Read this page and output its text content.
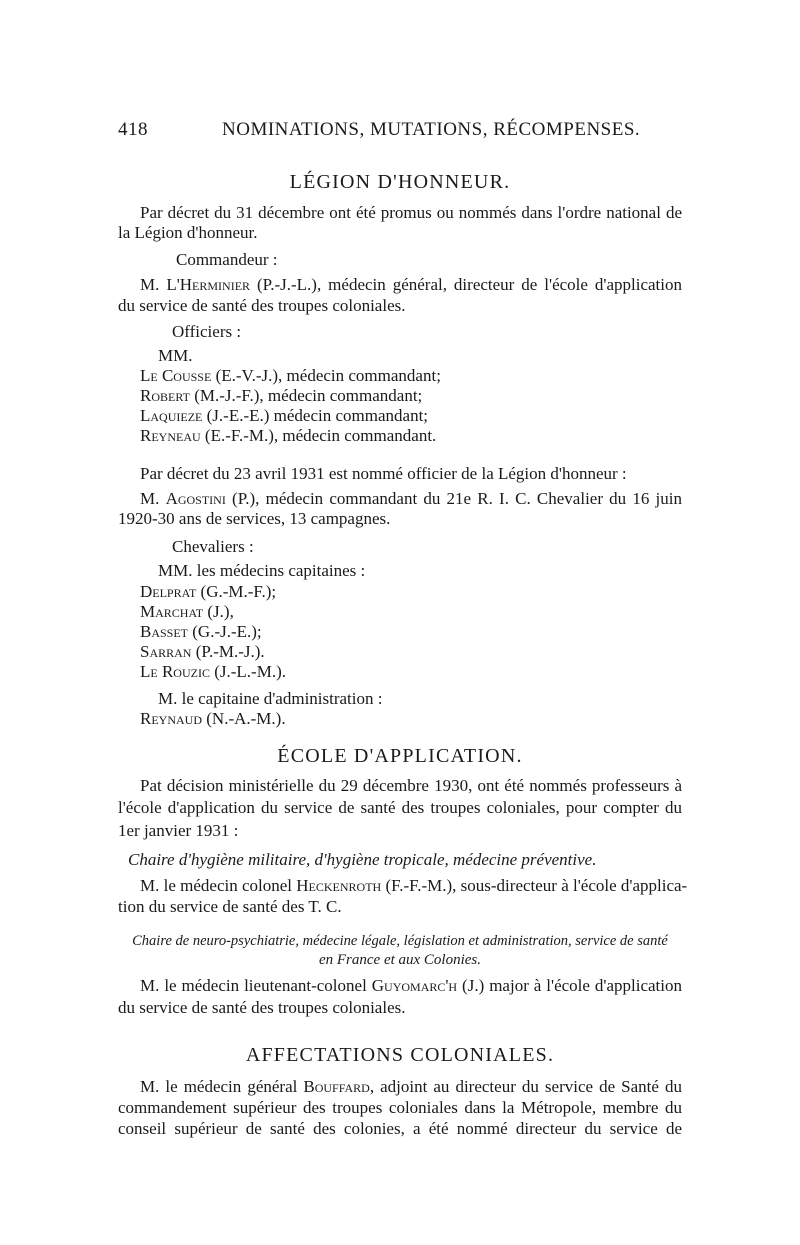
418	NOMINATIONS, MUTATIONS, RÉCOMPENSES.
LÉGION D'HONNEUR.
Par décret du 31 décembre ont été promus ou nommés dans l'ordre national de
la Légion d'honneur.
Commandeur :
M. L'Herminier (P.-J.-L.), médecin général, directeur de l'école d'application
du service de santé des troupes coloniales.
Officiers :
MM.
Le Cousse (E.-V.-J.), médecin commandant;
Robert (M.-J.-F.), médecin commandant;
Laquieze (J.-E.-E.) médecin commandant;
Reyneau (E.-F.-M.), médecin commandant.
Par décret du 23 avril 1931 est nommé officier de la Légion d'honneur :
M. Agostini (P.), médecin commandant du 21e R. I. C. Chevalier du 16 juin
1920-30 ans de services, 13 campagnes.
Chevaliers :
MM. les médecins capitaines :
Delprat (G.-M.-F.);
Marchat (J.),
Basset (G.-J.-E.);
Sarran (P.-M.-J.).
Le Rouzic (J.-L.-M.).
M. le capitaine d'administration :
Reynaud (N.-A.-M.).
ÉCOLE D'APPLICATION.
Pat décision ministérielle du 29 décembre 1930, ont été nommés professeurs à
l'école d'application du service de santé des troupes coloniales, pour compter du
1er janvier 1931 :
Chaire d'hygiène militaire, d'hygiène tropicale, médecine préventive.
M. le médecin colonel Heckenroth (F.-F.-M.), sous-directeur à l'école d'applica-
tion du service de santé des T. C.
Chaire de neuro-psychiatrie, médecine légale, législation et administration, service de santé
en France et aux Colonies.
M. le médecin lieutenant-colonel Guyomarc'h (J.) major à l'école d'application
du service de santé des troupes coloniales.
AFFECTATIONS COLONIALES.
M. le médecin général Bouffard, adjoint au directeur du service de Santé du
commandement supérieur des troupes coloniales dans la Métropole, membre du
conseil supérieur de santé des colonies, a été nommé directeur du service de
